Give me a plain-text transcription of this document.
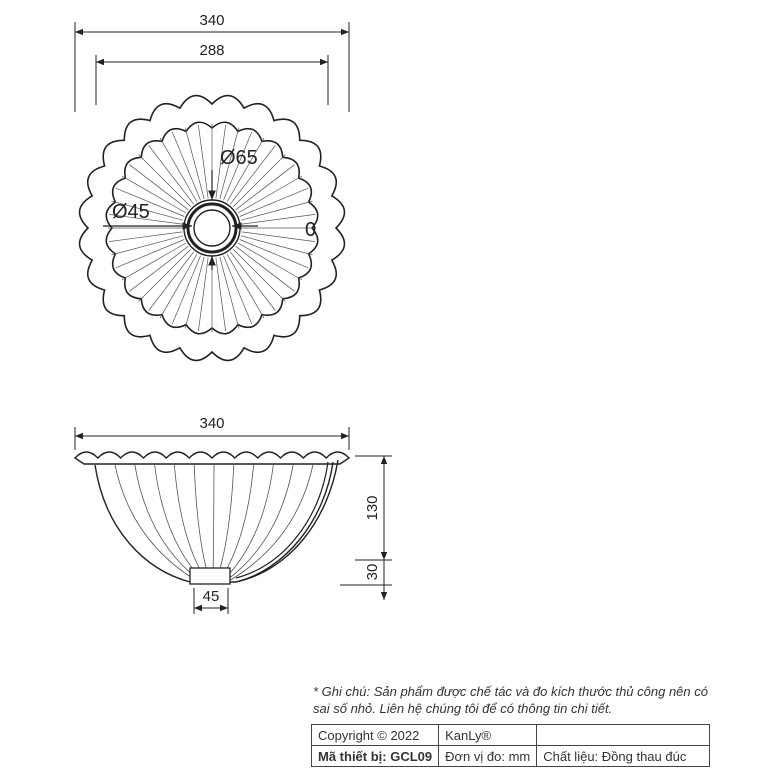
340
288
Ø65
Ø45
0
340
45
130
30
* Ghi chú: Sản phẩm được chế tác và đo kích thước thủ công nên có
sai số nhỏ. Liên hệ chúng tôi để có thông tin chi tiết.
Copyright © 2022	KanLy®	
Mã thiết bị: GCL09	Đơn vị đo: mm	Chất liệu: Đồng thau đúc
